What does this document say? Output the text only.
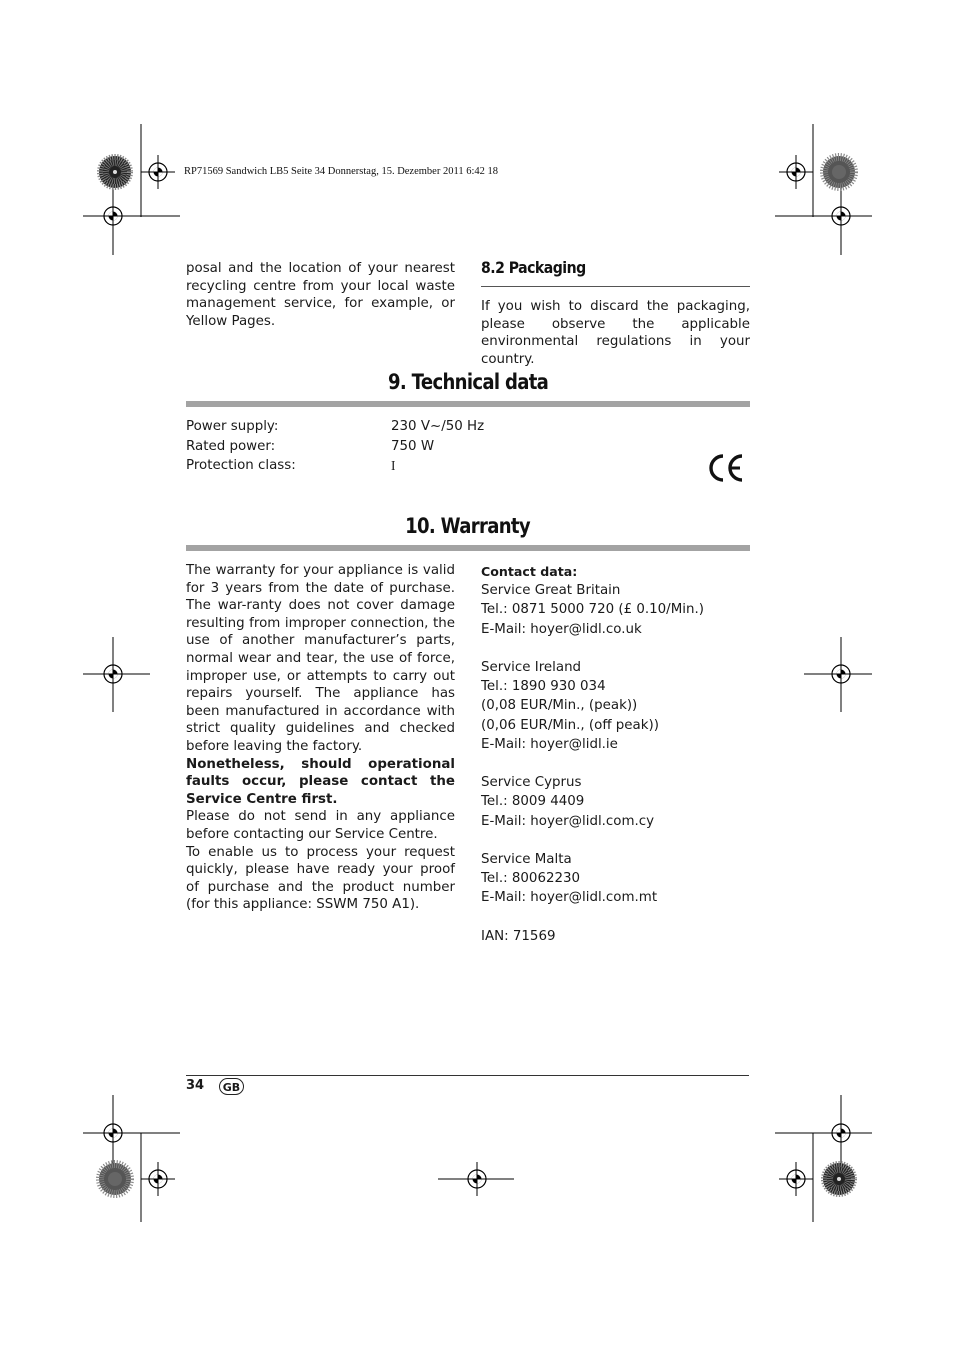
RP71569 Sandwich LB5 Seite 34 Donnerstag, 15. Dezember 2011 6:42 18
posal and the location of your nearest recycling centre from your local waste management service, for example, or Yellow Pages.
8.2 Packaging
If you wish to discard the packaging, please observe the applicable environmental regulations in your country.
9. Technical data
Power supply:	230 V~/50 Hz
Rated power:	750 W
Protection class:	I
10. Warranty
The warranty for your appliance is valid for 3 years from the date of purchase. The war-ranty does not cover damage resulting from improper connection, the use of another manufacturer’s parts, normal wear and tear, the use of force, improper use, or attempts to carry out repairs yourself. The appliance has been manufactured in accordance with strict quality guidelines and checked before leaving the factory.
Nonetheless, should operational faults occur, please contact the Service Centre first.
Please do not send in any appliance before contacting our Service Centre.
To enable us to process your request quickly, please have ready your proof of purchase and the product number (for this appliance: SSWM 750 A1).
Contact data:
Service Great Britain
Tel.: 0871 5000 720 (£ 0.10/Min.)
E-Mail: hoyer@lidl.co.uk
Service Ireland
Tel.: 1890 930 034
(0,08 EUR/Min., (peak))
(0,06 EUR/Min., (off peak))
E-Mail: hoyer@lidl.ie
Service Cyprus
Tel.: 8009 4409
E-Mail: hoyer@lidl.com.cy
Service Malta
Tel.: 80062230
E-Mail: hoyer@lidl.com.mt
IAN: 71569
34	GB
